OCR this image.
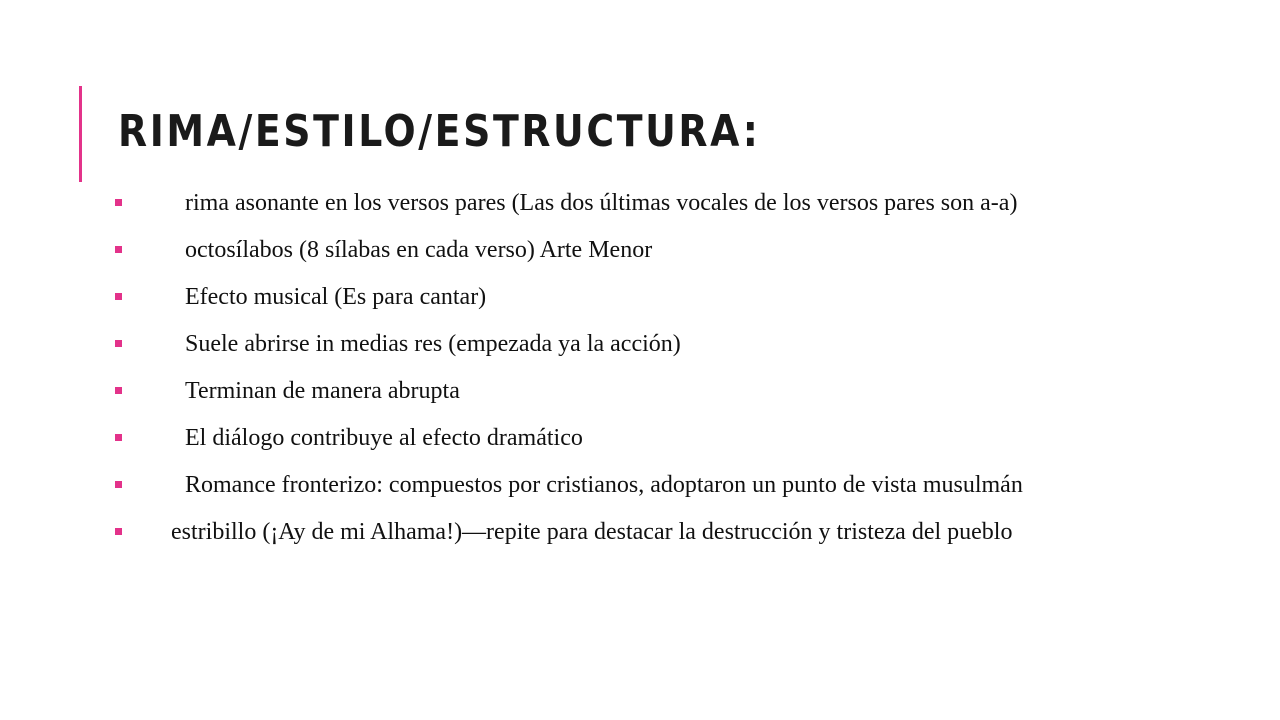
RIMA/ESTILO/ESTRUCTURA:
rima asonante en los versos pares (Las dos últimas vocales de los versos pares son a-a)
octosílabos (8 sílabas en cada verso) Arte Menor
Efecto musical (Es para cantar)
Suele abrirse in medias res (empezada ya la acción)
Terminan de manera abrupta
El diálogo contribuye al efecto dramático
Romance fronterizo: compuestos por cristianos, adoptaron un punto de vista musulmán
estribillo (¡Ay de mi Alhama!)—repite para destacar la destrucción y tristeza del pueblo
